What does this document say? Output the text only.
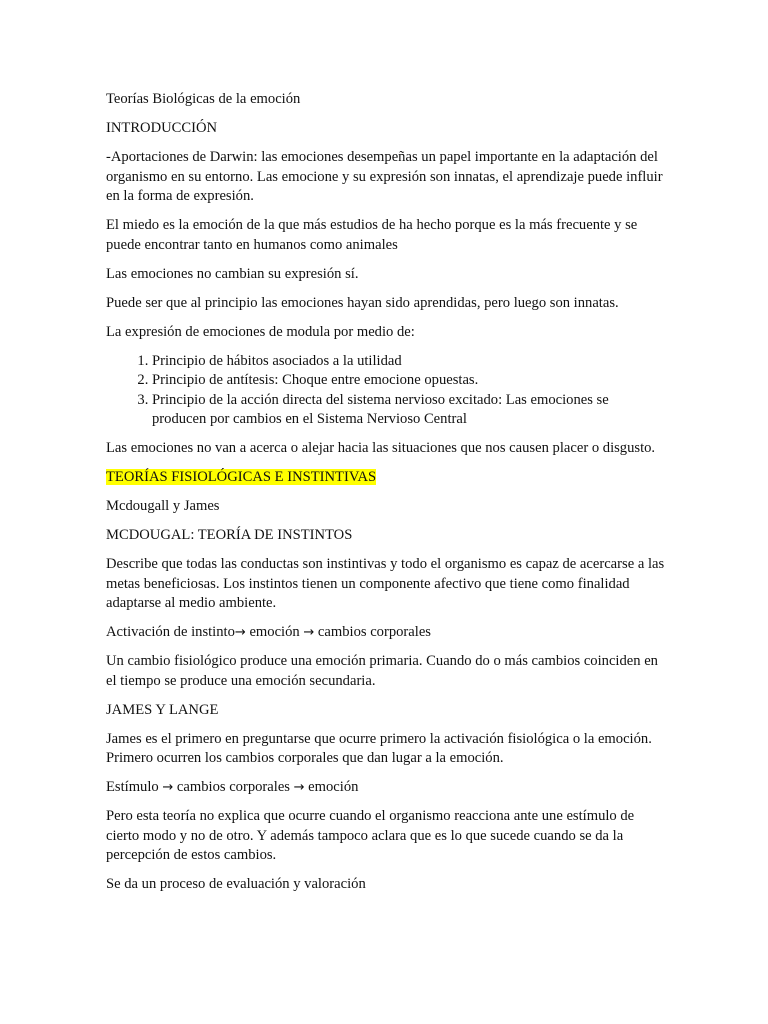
Teorías Biológicas de la emoción

INTRODUCCIÓN

-Aportaciones de Darwin: las emociones desempeñas un papel importante en la adaptación del organismo en su entorno. Las emocione y su expresión son innatas, el aprendizaje puede influir en la forma de expresión.

El miedo es la emoción de la que más estudios de ha hecho porque es la más frecuente y se puede encontrar tanto en humanos como animales

Las emociones no cambian su expresión sí.

Puede ser que al principio las emociones hayan sido aprendidas, pero luego son innatas.

La expresión de emociones de modula por medio de:

1. Principio de hábitos asociados a la utilidad
2. Principio de antítesis: Choque entre emocione opuestas.
3. Principio de la acción directa del sistema nervioso excitado: Las emociones se producen por cambios en el Sistema Nervioso Central

Las emociones no van a acerca o alejar hacia las situaciones que nos causen placer o disgusto.

TEORÍAS FISIOLÓGICAS E INSTINTIVAS

Mcdougall y James

MCDOUGAL: TEORÍA DE INSTINTOS

Describe que todas las conductas son instintivas y todo el organismo es capaz de acercarse a las metas beneficiosas. Los instintos tienen un componente afectivo que tiene como finalidad adaptarse al medio ambiente.

Activación de instinto→ emoción → cambios corporales

Un cambio fisiológico produce una emoción primaria. Cuando do o más cambios coinciden en el tiempo se produce una emoción secundaria.

JAMES Y LANGE

James es el primero en preguntarse que ocurre primero la activación fisiológica o la emoción. Primero ocurren los cambios corporales que dan lugar a la emoción.

Estímulo → cambios corporales → emoción

Pero esta teoría no explica que ocurre cuando el organismo reacciona ante une estímulo de cierto modo y no de otro. Y además tampoco aclara que es lo que sucede cuando se da la percepción de estos cambios.

Se da un proceso de evaluación y valoración
